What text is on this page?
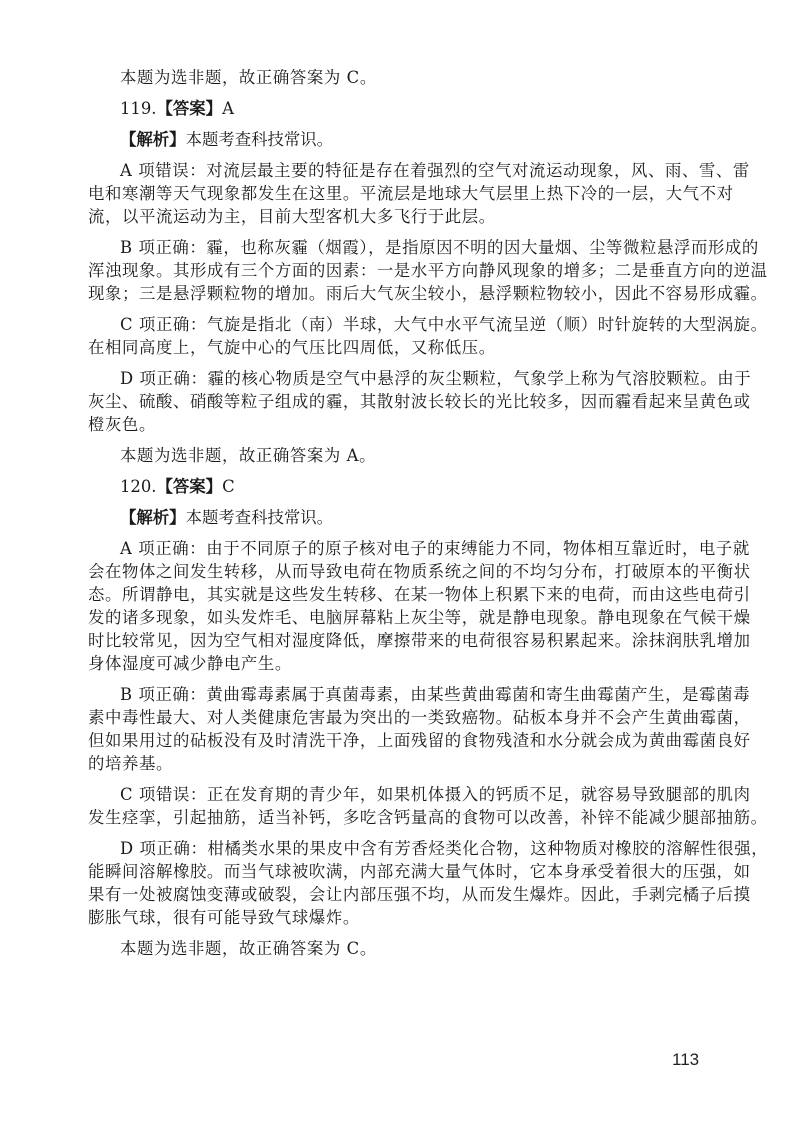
本题为选非题，故正确答案为 C。
119.【答案】A
【解析】本题考查科技常识。
A 项错误：对流层最主要的特征是存在着强烈的空气对流运动现象，风、雨、雪、雷
电和寒潮等天气现象都发生在这里。平流层是地球大气层里上热下冷的一层，大气不对
流，以平流运动为主，目前大型客机大多飞行于此层。
B 项正确：霾，也称灰霾（烟霞），是指原因不明的因大量烟、尘等微粒悬浮而形成的
浑浊现象。其形成有三个方面的因素：一是水平方向静风现象的增多；二是垂直方向的逆温
现象；三是悬浮颗粒物的增加。雨后大气灰尘较小，悬浮颗粒物较小，因此不容易形成霾。
C 项正确：气旋是指北（南）半球，大气中水平气流呈逆（顺）时针旋转的大型涡旋。
在相同高度上，气旋中心的气压比四周低，又称低压。
D 项正确：霾的核心物质是空气中悬浮的灰尘颗粒，气象学上称为气溶胶颗粒。由于
灰尘、硫酸、硝酸等粒子组成的霾，其散射波长较长的光比较多，因而霾看起来呈黄色或
橙灰色。
本题为选非题，故正确答案为 A。
120.【答案】C
【解析】本题考查科技常识。
A 项正确：由于不同原子的原子核对电子的束缚能力不同，物体相互靠近时，电子就
会在物体之间发生转移，从而导致电荷在物质系统之间的不均匀分布，打破原本的平衡状
态。所谓静电，其实就是这些发生转移、在某一物体上积累下来的电荷，而由这些电荷引
发的诸多现象，如头发炸毛、电脑屏幕粘上灰尘等，就是静电现象。静电现象在气候干燥
时比较常见，因为空气相对湿度降低，摩擦带来的电荷很容易积累起来。涂抹润肤乳增加
身体湿度可减少静电产生。
B 项正确：黄曲霉毒素属于真菌毒素，由某些黄曲霉菌和寄生曲霉菌产生，是霉菌毒
素中毒性最大、对人类健康危害最为突出的一类致癌物。砧板本身并不会产生黄曲霉菌，
但如果用过的砧板没有及时清洗干净，上面残留的食物残渣和水分就会成为黄曲霉菌良好
的培养基。
C 项错误：正在发育期的青少年，如果机体摄入的钙质不足，就容易导致腿部的肌肉
发生痉挛，引起抽筋，适当补钙，多吃含钙量高的食物可以改善，补锌不能减少腿部抽筋。
D 项正确：柑橘类水果的果皮中含有芳香烃类化合物，这种物质对橡胶的溶解性很强，
能瞬间溶解橡胶。而当气球被吹满，内部充满大量气体时，它本身承受着很大的压强，如
果有一处被腐蚀变薄或破裂，会让内部压强不均，从而发生爆炸。因此，手剥完橘子后摸
膨胀气球，很有可能导致气球爆炸。
本题为选非题，故正确答案为 C。
113
